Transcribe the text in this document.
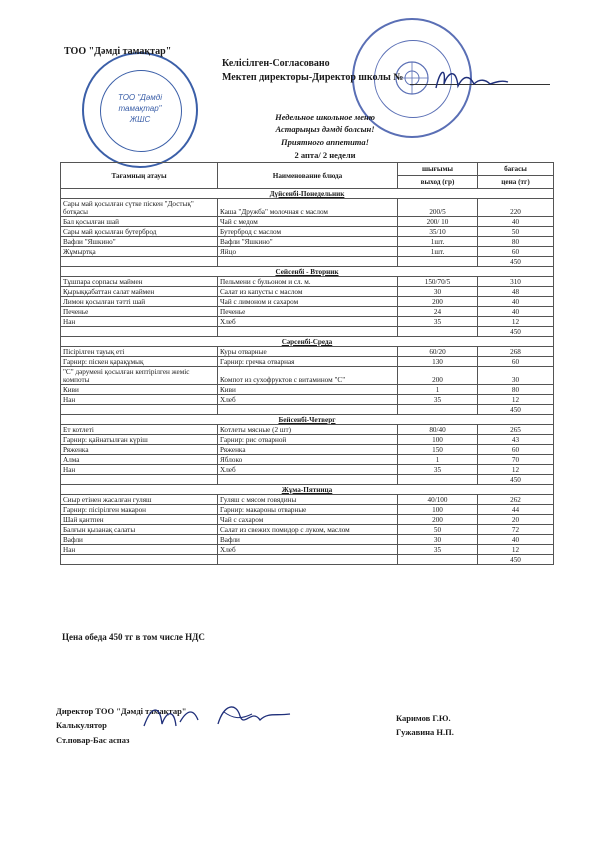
ТОО "Дәмді тамақтар" ЖШС
ТОО "Дәмді тамақтар"
Келісілген-Согласовано
Мектеп директоры-Директор школы №
Недельное школьное меню
Астарыңыз дәмді болсын!
Приятного аппетита!
2 апта/ 2 недели
Тағамның атауы	Наименование блюда	шығымы	бағасы
		выход (гр)	цена (тг)
Дүйсенбі-Понедельник			
Сары май қосылған сүтке піскен "Достық" ботқасы	Каша "Дружба" молочная с маслом	200/5	220
Бал қосылған шай	Чай с медом	200/ 10	40
Сары май қосылған бутерброд	Бутерброд с маслом	35/10	50
Вафли "Яшкино"	Вафли "Яшкино"	1шт.	80
Жұмыртқа	Яйцо	1шт.	60
			450
Сейсенбі - Вторник			
Тұшпара сорпасы маймен	Пельмени с бульоном и сл. м.	150/70/5	310
Қырыққабаттан салат маймен	Салат из капусты с маслом	30	48
Лимон қосылған тәтті шай	Чай с лимоном и сахаром	200	40
Печенье	Печенье	24	40
Нан	Хлеб	35	12
			450
Сәрсенбі-Среда			
Пісірілген тауық еті	Куры отварные	60/20	268
Гарнир: піскен қарақұмық	Гарнир: гречка отварная	130	60
"С" дәрумені қосылған кептірілген жеміс компоты	Компот из сухофруктов с витамином "С"	200	30
Киви	Киви	1	80
Нан	Хлеб	35	12
			450
Бейсенбі-Четверг			
Ет котлеті	Котлеты мясные (2 шт)	80/40	265
Гарнир: қайнатылған күріш	Гарнир: рис отварной	100	43
Ряженка	Ряженка	150	60
Алма	Яблоко	1	70
Нан	Хлеб	35	12
			450
Жұма-Пятница			
Сиыр етінен жасалған гуляш	Гуляш с мясом говядины	40/100	262
Гарнир: пісірілген макарон	Гарнир: макароны отварные	100	44
Шай қантпен	Чай с сахаром	200	20
Балғын қызанақ салаты	Салат из свежих помидор с луком, маслом	50	72
Вафли	Вафли	30	40
Нан	Хлеб	35	12
			450
Цена обеда 450 тг в том числе НДС
Директор ТОО "Дәмді тамақтар"
Калькулятор
Ст.повар-Бас аспаз
Каримов Г.Ю.
Гужавина Н.П.
